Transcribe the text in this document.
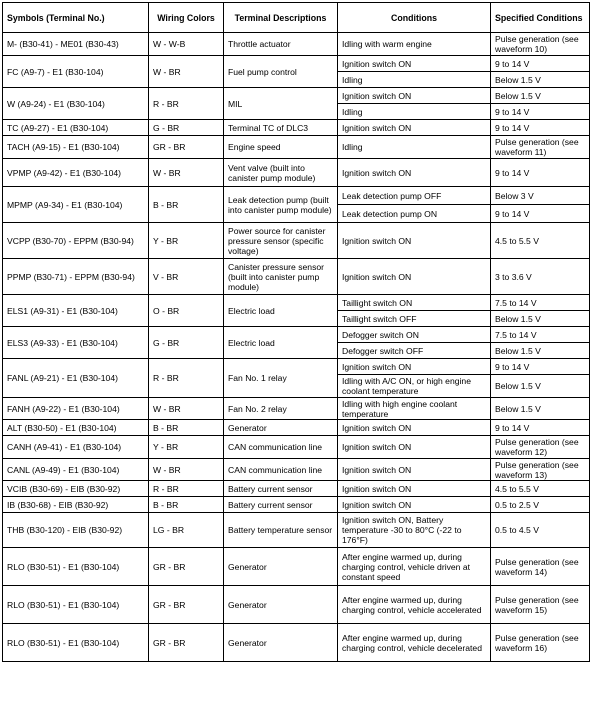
Symbols (Terminal No.)	Wiring Colors	Terminal Descriptions	Conditions	Specified Conditions
M- (B30-41) - ME01 (B30-43)	W - W-B	Throttle actuator	Idling with warm engine	Pulse generation (see waveform 10)
FC (A9-7) - E1 (B30-104)	W - BR	Fuel pump control	Ignition switch ON	9 to 14 V
			Idling	Below 1.5 V
W (A9-24) - E1 (B30-104)	R - BR	MIL	Ignition switch ON	Below 1.5 V
			Idling	9 to 14 V
TC (A9-27) - E1 (B30-104)	G - BR	Terminal TC of DLC3	Ignition switch ON	9 to 14 V
TACH (A9-15) - E1 (B30-104)	GR - BR	Engine speed	Idling	Pulse generation (see waveform 11)
VPMP (A9-42) - E1 (B30-104)	W - BR	Vent valve (built into canister pump module)	Ignition switch ON	9 to 14 V
MPMP (A9-34) - E1 (B30-104)	B - BR	Leak detection pump (built into canister pump module)	Leak detection pump OFF	Below 3 V
			Leak detection pump ON	9 to 14 V
VCPP (B30-70) - EPPM (B30-94)	Y - BR	Power source for canister pressure sensor (specific voltage)	Ignition switch ON	4.5 to 5.5 V
PPMP (B30-71) - EPPM (B30-94)	V - BR	Canister pressure sensor (built into canister pump module)	Ignition switch ON	3 to 3.6 V
ELS1 (A9-31) - E1 (B30-104)	O - BR	Electric load	Taillight switch ON	7.5 to 14 V
			Taillight switch OFF	Below 1.5 V
ELS3 (A9-33) - E1 (B30-104)	G - BR	Electric load	Defogger switch ON	7.5 to 14 V
			Defogger switch OFF	Below 1.5 V
FANL (A9-21) - E1 (B30-104)	R - BR	Fan No. 1 relay	Ignition switch ON	9 to 14 V
			Idling with A/C ON, or high engine coolant temperature	Below 1.5 V
FANH (A9-22) - E1 (B30-104)	W - BR	Fan No. 2 relay	Idling with high engine coolant temperature	Below 1.5 V
ALT (B30-50) - E1 (B30-104)	B - BR	Generator	Ignition switch ON	9 to 14 V
CANH (A9-41) - E1 (B30-104)	Y - BR	CAN communication line	Ignition switch ON	Pulse generation (see waveform 12)
CANL (A9-49) - E1 (B30-104)	W - BR	CAN communication line	Ignition switch ON	Pulse generation (see waveform 13)
VCIB (B30-69) - EIB (B30-92)	R - BR	Battery current sensor	Ignition switch ON	4.5 to 5.5 V
IB (B30-68) - EIB (B30-92)	B - BR	Battery current sensor	Ignition switch ON	0.5 to 2.5 V
THB (B30-120) - EIB (B30-92)	LG - BR	Battery temperature sensor	Ignition switch ON, Battery temperature -30 to 80°C (-22 to 176°F)	0.5 to 4.5 V
RLO (B30-51) - E1 (B30-104)	GR - BR	Generator	After engine warmed up, during charging control, vehicle driven at constant speed	Pulse generation (see waveform 14)
RLO (B30-51) - E1 (B30-104)	GR - BR	Generator	After engine warmed up, during charging control, vehicle accelerated	Pulse generation (see waveform 15)
RLO (B30-51) - E1 (B30-104)	GR - BR	Generator	After engine warmed up, during charging control, vehicle decelerated	Pulse generation (see waveform 16)
